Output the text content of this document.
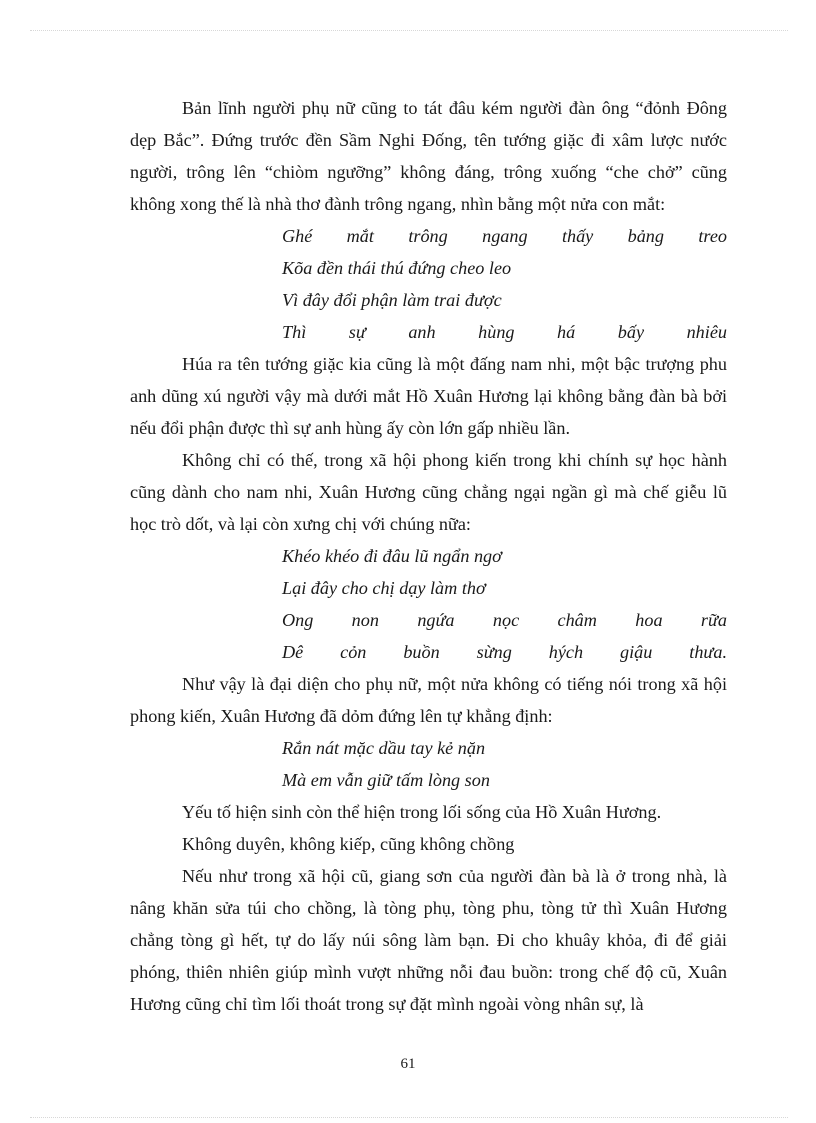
Bản lĩnh người phụ nữ cũng to tát đâu kém người đàn ông “đỏnh Đông dẹp Bắc”. Đứng trước đền Sầm Nghi Đống, tên tướng giặc đi xâm lược nước người, trông lên “chiòm ngưỡng” không đáng, trông xuống “che chở” cũng không xong thế là nhà thơ đành trông ngang, nhìn bằng một nửa con mắt:

Ghé mắt trông ngang thấy bảng treo

Kõa đền thái thú đứng cheo leo

Vì đây đổi phận làm trai được

Thì sự anh hùng há bấy nhiêu

Húa ra tên tướng giặc kia cũng là một đấng nam nhi, một bậc trượng phu anh dũng xú người vậy mà dưới mắt Hồ Xuân Hương lại không bằng đàn bà bởi nếu đổi phận được thì sự anh hùng ấy còn lớn gấp nhiều lần.

Không chỉ có thế, trong xã hội phong kiến trong khi chính sự học hành cũng dành cho nam nhi, Xuân Hương cũng chẳng ngại ngần gì mà chế giễu lũ học trò dốt, và lại còn xưng chị với chúng nữa:

Khéo khéo đi đâu lũ ngẩn ngơ

Lại đây cho chị dạy làm thơ

Ong non ngứa nọc châm hoa rữa

Dê cỏn buồn sừng hých giậu thưa.

Như vậy là đại diện cho phụ nữ, một nửa không có tiếng nói trong xã hội phong kiến, Xuân Hương đã dỏm đứng lên tự khẳng định:

Rắn nát mặc dầu tay kẻ nặn

Mà em vẫn giữ tấm lòng son

Yếu tố hiện sinh còn thể hiện trong lối sống của Hồ Xuân Hương.

Không duyên, không kiếp, cũng không chồng

Nếu như trong xã hội cũ, giang sơn của người đàn bà là ở trong nhà, là nâng khăn sửa túi cho chồng, là tòng phụ, tòng phu, tòng tử thì Xuân Hương chẳng tòng gì hết, tự do lấy núi sông làm bạn. Đi cho khuây khỏa, đi để giải phóng, thiên nhiên giúp mình vượt những nỗi đau buồn: trong chế độ cũ, Xuân Hương cũng chỉ tìm lối thoát trong sự đặt mình ngoài vòng nhân sự, là

61
